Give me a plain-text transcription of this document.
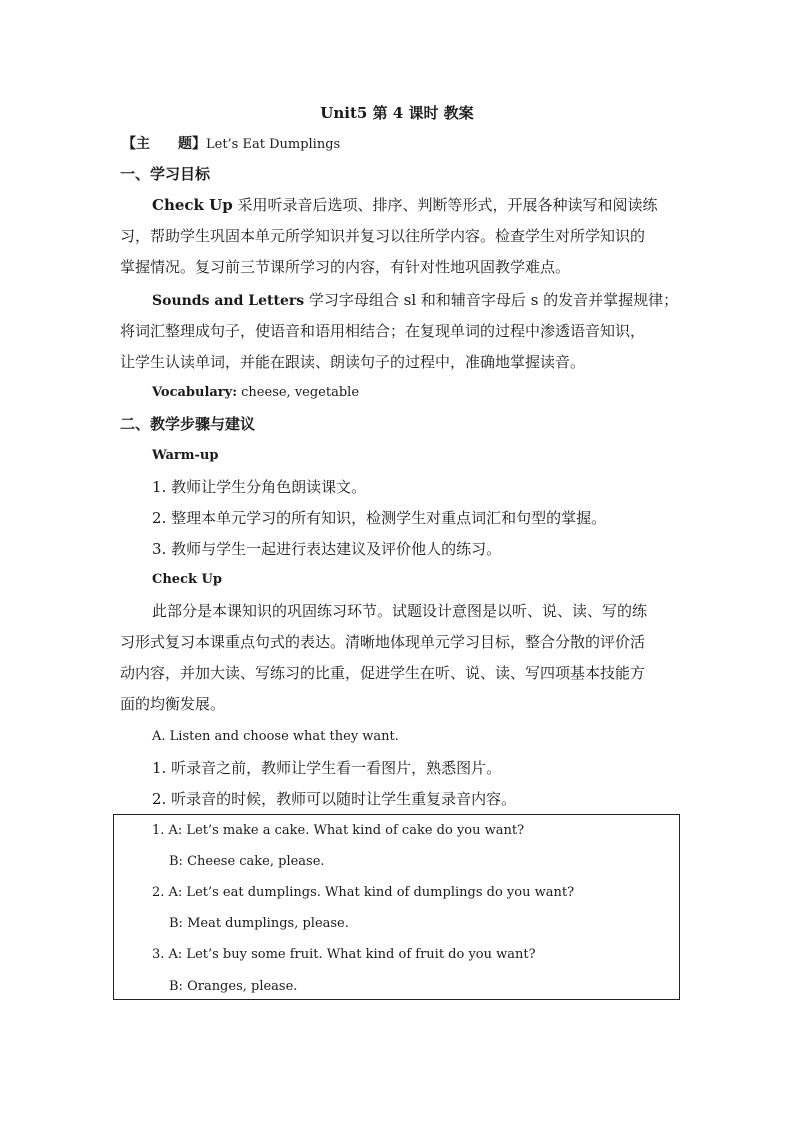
Unit5 第 4 课时 教案
【主 题】Let’s Eat Dumplings
一、学习目标
Check Up 采用听录音后选项、排序、判断等形式，开展各种读写和阅读练
习，帮助学生巩固本单元所学知识并复习以往所学内容。检查学生对所学知识的
掌握情况。复习前三节课所学习的内容，有针对性地巩固教学难点。
Sounds and Letters 学习字母组合 sl 和和辅音字母后 s 的发音并掌握规律；
将词汇整理成句子，使语音和语用相结合；在复现单词的过程中渗透语音知识，
让学生认读单词，并能在跟读、朗读句子的过程中，准确地掌握读音。
Vocabulary: cheese, vegetable
二、教学步骤与建议
Warm-up
1. 教师让学生分角色朗读课文。
2. 整理本单元学习的所有知识，检测学生对重点词汇和句型的掌握。
3. 教师与学生一起进行表达建议及评价他人的练习。
Check Up
此部分是本课知识的巩固练习环节。试题设计意图是以听、说、读、写的练
习形式复习本课重点句式的表达。清晰地体现单元学习目标，整合分散的评价活
动内容，并加大读、写练习的比重，促进学生在听、说、读、写四项基本技能方
面的均衡发展。
A. Listen and choose what they want.
1. 听录音之前，教师让学生看一看图片，熟悉图片。
2. 听录音的时候，教师可以随时让学生重复录音内容。
1. A: Let’s make a cake. What kind of cake do you want?
B: Cheese cake, please.
2. A: Let’s eat dumplings. What kind of dumplings do you want?
B: Meat dumplings, please.
3. A: Let’s buy some fruit. What kind of fruit do you want?
B: Oranges, please.
